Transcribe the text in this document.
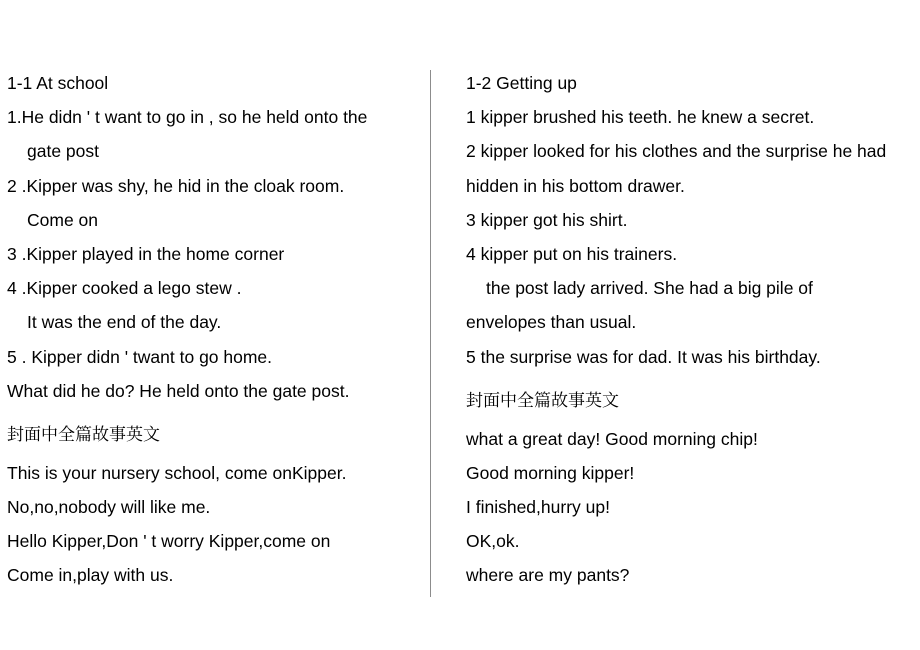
1-1 At school
1.He didn ' t want to go in , so he held onto the
gate post
2 .Kipper was shy, he hid in the cloak room.
Come on
3 .Kipper played in the home corner
4 .Kipper cooked a lego stew .
It was the end of the day.
5 . Kipper didn ' twant to go home.
What did he do? He held onto the gate post.
封面中全篇故事英文
This is your nursery school, come onKipper.
No,no,nobody will like me.
Hello Kipper,Don ' t worry Kipper,come on
Come in,play with us.
1-2 Getting up
1 kipper brushed his teeth. he knew a secret.
2 kipper looked for his clothes and the surprise he had
hidden in his bottom drawer.
3 kipper got his shirt.
4 kipper put on his trainers.
the post lady arrived. She had a big pile of
envelopes than usual.
5 the surprise was for dad. It was his birthday.
封面中全篇故事英文
what a great day! Good morning chip!
Good morning kipper!
I finished,hurry up!
OK,ok.
where are my pants?
